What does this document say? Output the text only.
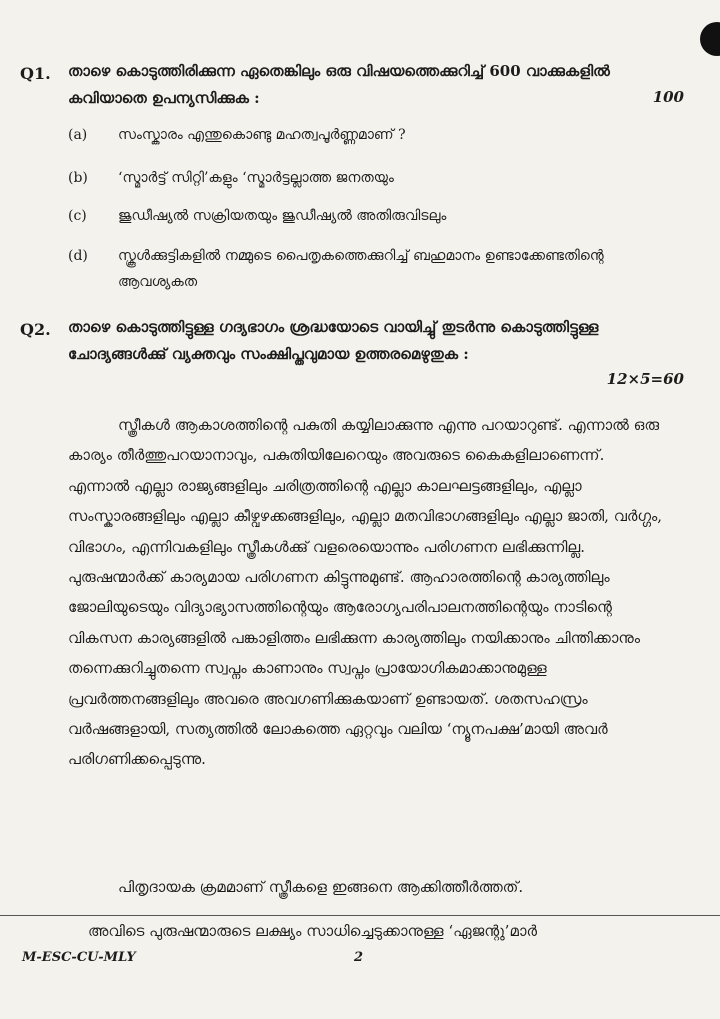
Q1. താഴെ കൊടുത്തിരിക്കുന്ന ഏതെങ്കിലും ഒരു വിഷയത്തെക്കുറിച്ച് 600 വാക്കുകളിൽ കവിയാതെ ഉപന്യസിക്കുക :	100
(a)	സംസ്കാരം എന്തുകൊണ്ടു മഹത്വപൂർണ്ണമാണ് ?
(b)	‘സ്മാർട്ട് സിറ്റി’കളും ‘സ്മാർട്ടല്ലാത്ത ജനതയും
(c)	ജുഡീഷ്യൽ സക്രിയതയും ജുഡീഷ്യൽ അതിരുവിടലും
(d)	സ്കൂൾക്കുട്ടികളിൽ നമ്മുടെ പൈതൃകത്തെക്കുറിച്ച് ബഹുമാനം ഉണ്ടാക്കേണ്ടതിന്റെ ആവശ്യകത
Q2. താഴെ കൊടുത്തിട്ടുള്ള ഗദ്യഭാഗം ശ്രദ്ധയോടെ വായിച്ചു് തുടർന്നു കൊടുത്തിട്ടുള്ള ചോദ്യങ്ങൾക്കു് വ്യക്തവും സംക്ഷിപ്തവുമായ ഉത്തരമെഴുതുക :
12×5=60

സ്ത്രീകൾ ആകാശത്തിന്റെ പകുതി കയ്യിലാക്കുന്നു എന്നു പറയാറുണ്ട്. എന്നാൽ ഒരു കാര്യം തീർത്തുപറയാനാവും, പകുതിയിലേറെയും അവരുടെ കൈകളിലാണെന്ന്. എന്നാൽ എല്ലാ രാജ്യങ്ങളിലും ചരിത്രത്തിന്റെ എല്ലാ കാലഘട്ടങ്ങളിലും, എല്ലാ സംസ്കാരങ്ങളിലും എല്ലാ കീഴ്വഴക്കങ്ങളിലും, എല്ലാ മതവിഭാഗങ്ങളിലും എല്ലാ ജാതി, വർഗ്ഗം, വിഭാഗം, എന്നിവകളിലും സ്ത്രീകൾക്കു് വളരെയൊന്നും പരിഗണന ലഭിക്കുന്നില്ല. പുരുഷന്മാർക്ക് കാര്യമായ പരിഗണന കിട്ടുന്നുമുണ്ട്. ആഹാരത്തിന്റെ കാര്യത്തിലും ജോലിയുടെയും വിദ്യാഭ്യാസത്തിന്റെയും ആരോഗ്യപരിപാലനത്തിന്റെയും നാടിന്റെ വികസന കാര്യങ്ങളിൽ പങ്കാളിത്തം ലഭിക്കുന്ന കാര്യത്തിലും നയിക്കാനും ചിന്തിക്കാനും തന്നെക്കുറിച്ചുതന്നെ സ്വപ്നം കാണാനും സ്വപ്നം പ്രായോഗികമാക്കാനുമുള്ള പ്രവർത്തനങ്ങളിലും അവരെ അവഗണിക്കുകയാണ് ഉണ്ടായത്. ശതസഹസ്രം വർഷങ്ങളായി, സത്യത്തിൽ ലോകത്തെ ഏറ്റവും വലിയ ‘ന്യൂനപക്ഷ’മായി അവർ പരിഗണിക്കപ്പെടുന്നു.

പിതൃദായക ക്രമമാണ് സ്ത്രീകളെ ഇങ്ങനെ ആക്കിത്തീർത്തത്.
അവിടെ പുരുഷന്മാരുടെ ലക്ഷ്യം സാധിച്ചെടുക്കാനുള്ള ‘ഏജന്റു’മാർ
M-ESC-CU-MLY	2
